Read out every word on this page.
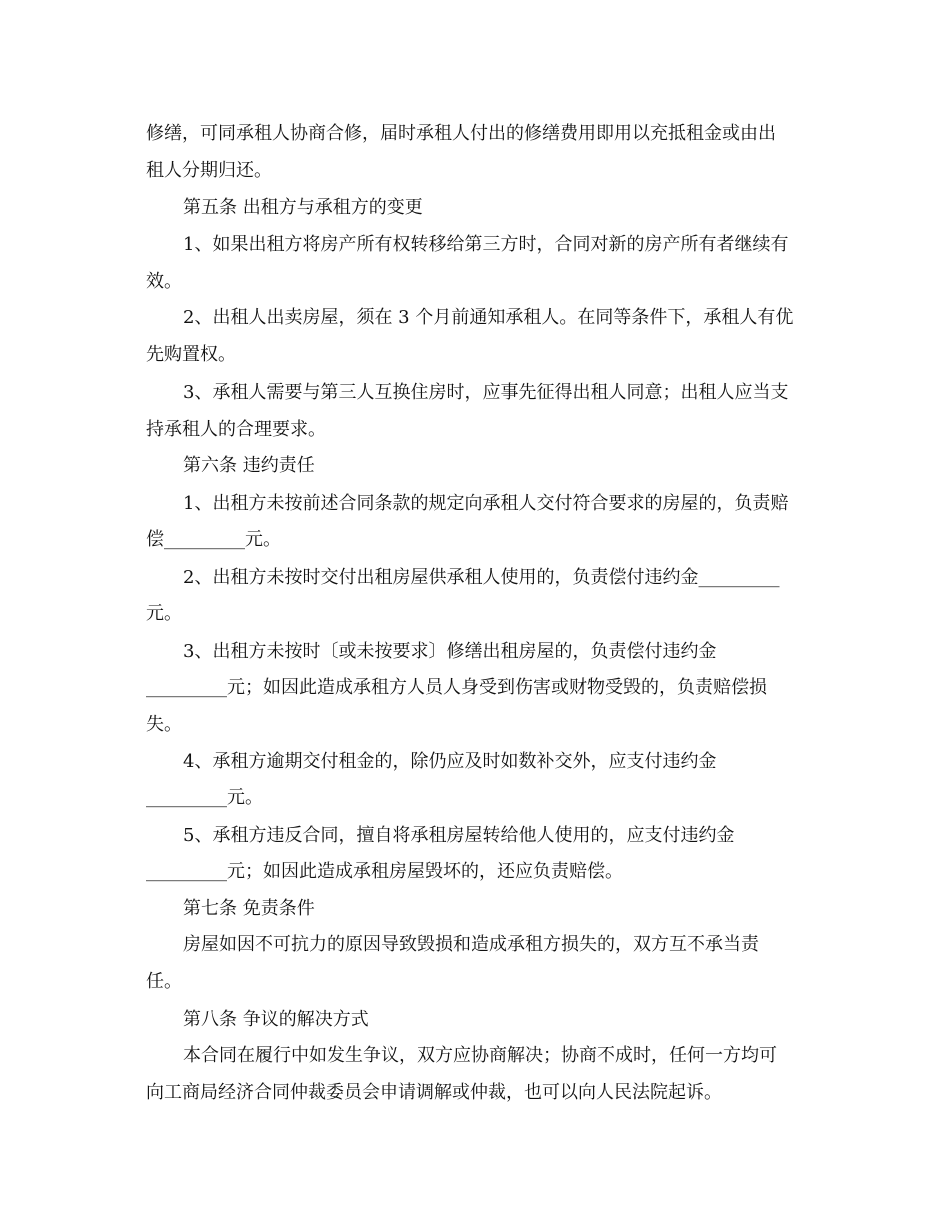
修缮，可同承租人协商合修，届时承租人付出的修缮费用即用以充抵租金或由出

租人分期归还。

第五条 出租方与承租方的变更

1、如果出租方将房产所有权转移给第三方时，合同对新的房产所有者继续有

效。

2、出租人出卖房屋，须在 3 个月前通知承租人。在同等条件下，承租人有优

先购置权。

3、承租人需要与第三人互换住房时，应事先征得出租人同意；出租人应当支

持承租人的合理要求。

第六条 违约责任

1、出租方未按前述合同条款的规定向承租人交付符合要求的房屋的，负责赔

偿_________元。

2、出租方未按时交付出租房屋供承租人使用的，负责偿付违约金_________

元。

3、出租方未按时〔或未按要求〕修缮出租房屋的，负责偿付违约金

_________元；如因此造成承租方人员人身受到伤害或财物受毁的，负责赔偿损

失。

4、承租方逾期交付租金的，除仍应及时如数补交外，应支付违约金

_________元。

5、承租方违反合同，擅自将承租房屋转给他人使用的，应支付违约金

_________元；如因此造成承租房屋毁坏的，还应负责赔偿。

第七条 免责条件

房屋如因不可抗力的原因导致毁损和造成承租方损失的，双方互不承当责

任。

第八条 争议的解决方式

本合同在履行中如发生争议，双方应协商解决；协商不成时，任何一方均可

向工商局经济合同仲裁委员会申请调解或仲裁，也可以向人民法院起诉。
